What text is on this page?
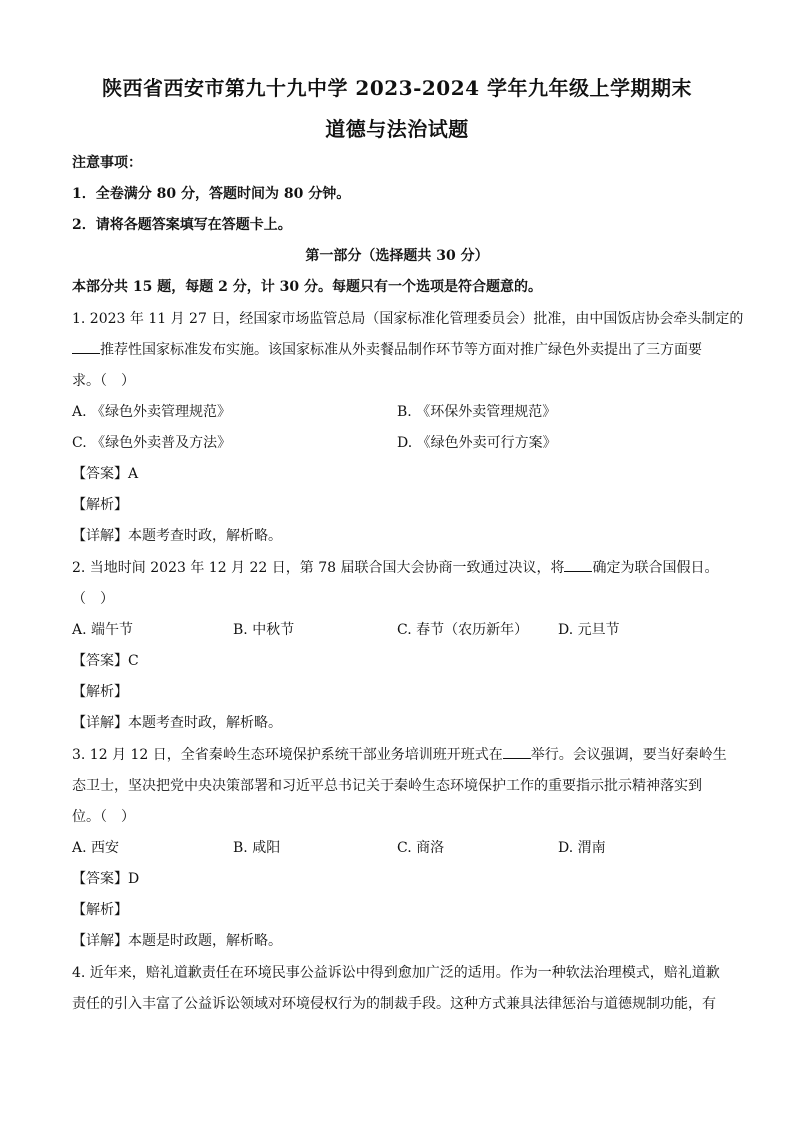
陕西省西安市第九十九中学 2023-2024 学年九年级上学期期末
道德与法治试题
注意事项：
1．全卷满分 80 分，答题时间为 80 分钟。
2．请将各题答案填写在答题卡上。
第一部分（选择题共 30 分）
本部分共 15 题，每题 2 分，计 30 分。每题只有一个选项是符合题意的。
1. 2023 年 11 月 27 日，经国家市场监管总局（国家标准化管理委员会）批准，由中国饭店协会牵头制定的
推荐性国家标准发布实施。该国家标准从外卖餐品制作环节等方面对推广绿色外卖提出了三方面要
求。（　）
A. 《绿色外卖管理规范》	B. 《环保外卖管理规范》
C. 《绿色外卖普及方法》	D. 《绿色外卖可行方案》
【答案】A
【解析】
【详解】本题考查时政，解析略。
2. 当地时间 2023 年 12 月 22 日，第 78 届联合国大会协商一致通过决议，将 确定为联合国假日。
（　）
A. 端午节	B. 中秋节	C. 春节（农历新年） D. 元旦节
【答案】C
【解析】
【详解】本题考查时政，解析略。
3. 12 月 12 日，全省秦岭生态环境保护系统干部业务培训班开班式在 举行。会议强调，要当好秦岭生
态卫士，坚决把党中央决策部署和习近平总书记关于秦岭生态环境保护工作的重要指示批示精神落实到
位。（　）
A. 西安	B. 咸阳	C. 商洛	D. 渭南
【答案】D
【解析】
【详解】本题是时政题，解析略。
4. 近年来，赔礼道歉责任在环境民事公益诉讼中得到愈加广泛的适用。作为一种软法治理模式，赔礼道歉
责任的引入丰富了公益诉讼领域对环境侵权行为的制裁手段。这种方式兼具法律惩治与道德规制功能，有
